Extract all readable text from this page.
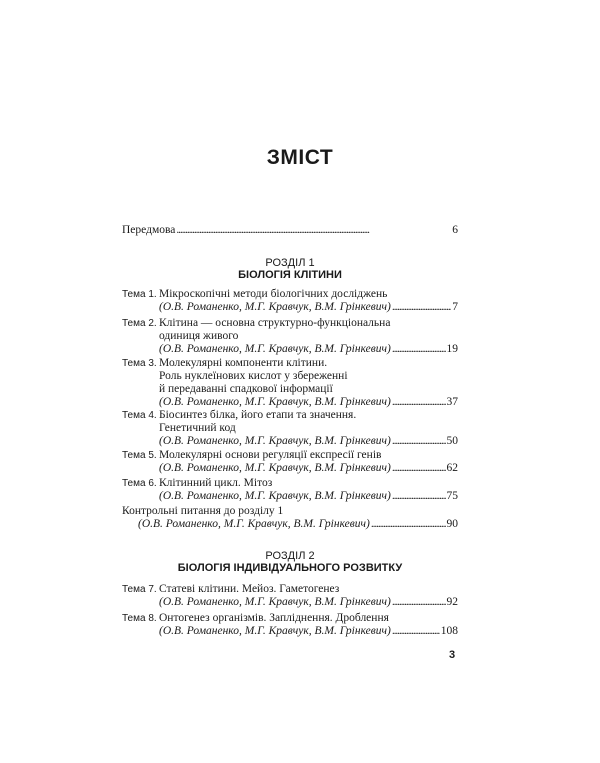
ЗМІСТ
Передмова . . .	6
РОЗДІЛ 1
БІОЛОГІЯ КЛІТИНИ
Тема 1. Мікроскопічні методи біологічних досліджень
(О.В. Романенко, М.Г. Кравчук, В.М. Грінкевич) . . .	7
Тема 2. Клітина — основна структурно-функціональна
одиниця живого
(О.В. Романенко, М.Г. Кравчук, В.М. Грінкевич) . . .	19
Тема 3. Молекулярні компоненти клітини.
Роль нуклеїнових кислот у збереженні
й передаванні спадкової інформації
(О.В. Романенко, М.Г. Кравчук, В.М. Грінкевич) . . .	37
Тема 4. Біосинтез білка, його етапи та значення.
Генетичний код
(О.В. Романенко, М.Г. Кравчук, В.М. Грінкевич) . . .	50
Тема 5. Молекулярні основи регуляції експресії генів
(О.В. Романенко, М.Г. Кравчук, В.М. Грінкевич) . . .	62
Тема 6. Клітинний цикл. Мітоз
(О.В. Романенко, М.Г. Кравчук, В.М. Грінкевич) . . .	75
Контрольні питання до розділу 1
(О.В. Романенко, М.Г. Кравчук, В.М. Грінкевич) . . .	90
РОЗДІЛ 2
БІОЛОГІЯ ІНДИВІДУАЛЬНОГО РОЗВИТКУ
Тема 7. Статеві клітини. Мейоз. Гаметогенез
(О.В. Романенко, М.Г. Кравчук, В.М. Грінкевич) . . .	92
Тема 8. Онтогенез організмів. Запліднення. Дроблення
(О.В. Романенко, М.Г. Кравчук, В.М. Грінкевич) . . .	108
3
